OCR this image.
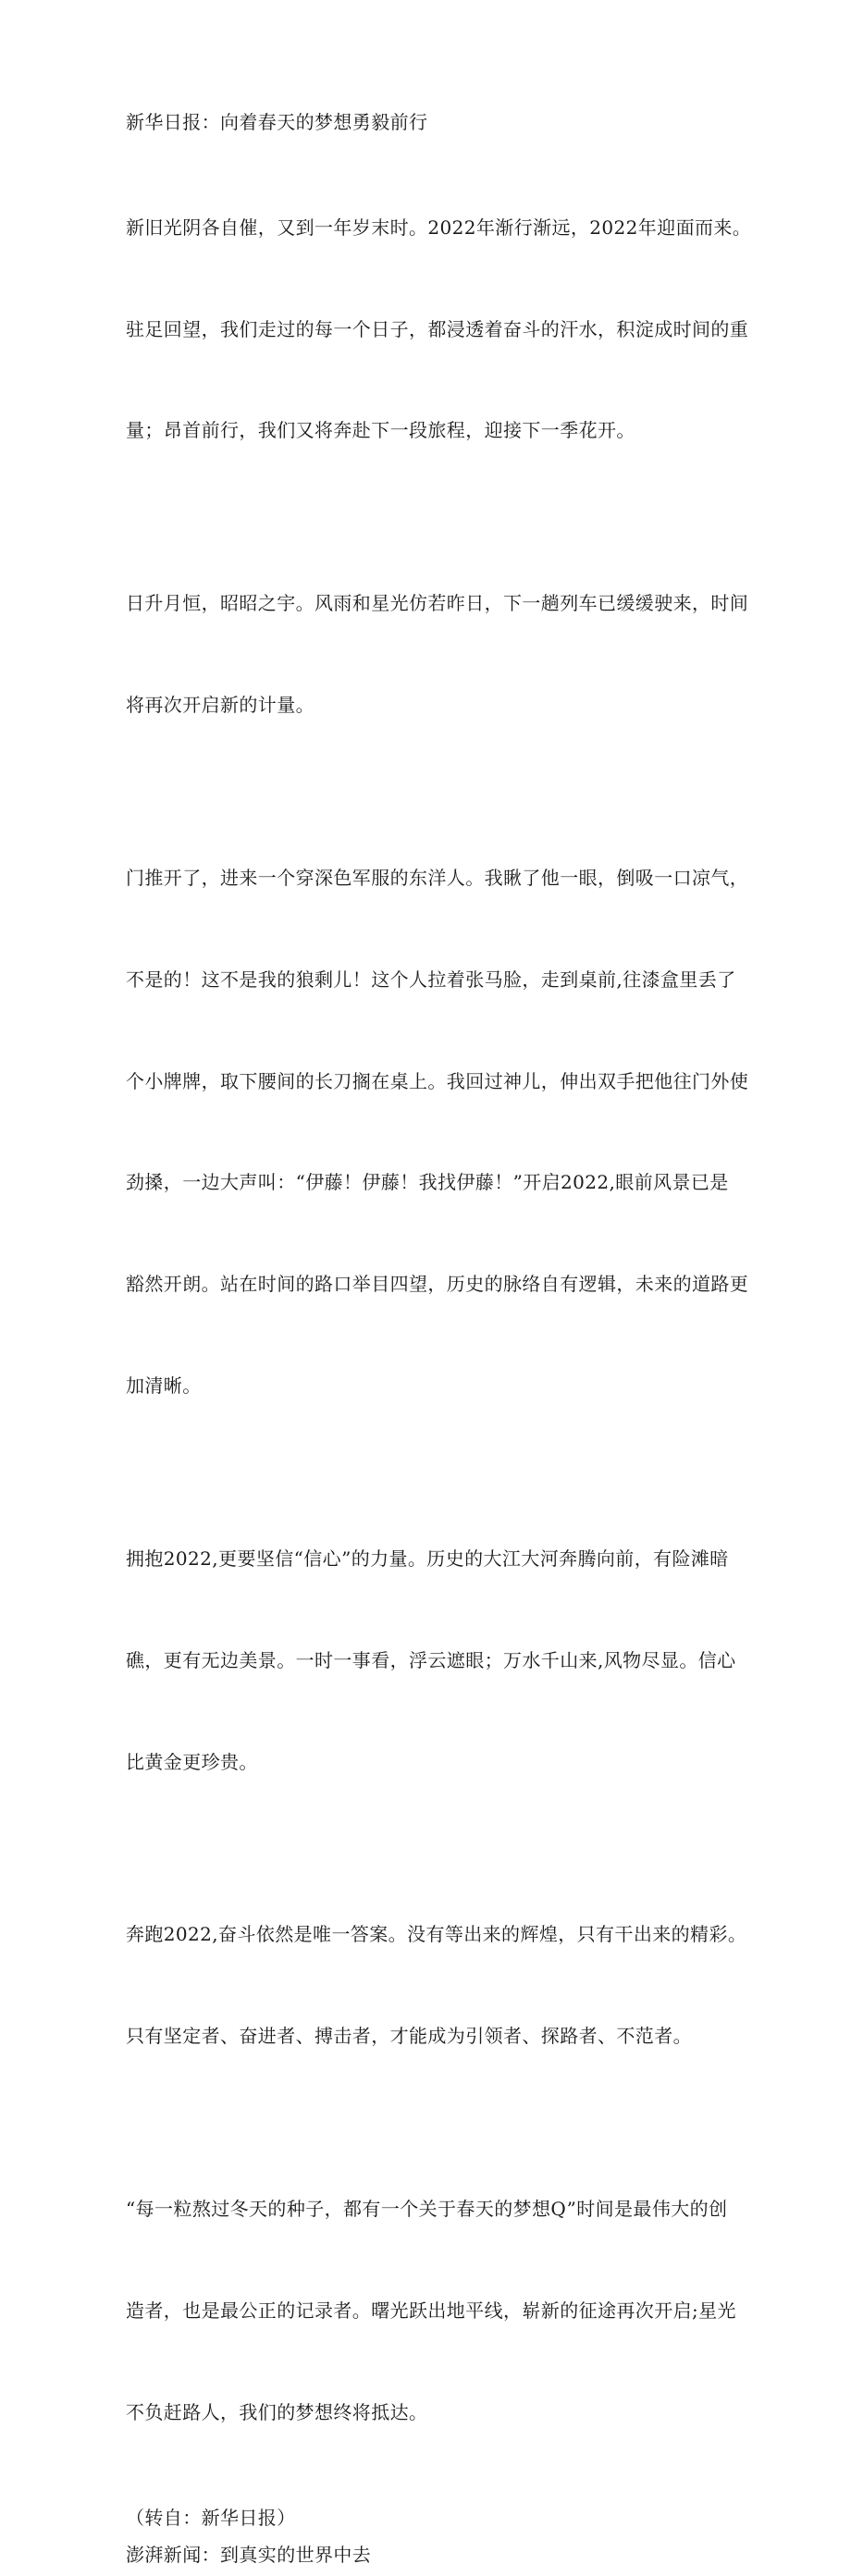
新华日报：向着春天的梦想勇毅前行

新旧光阴各自催，又到一年岁末时。2022年渐行渐远，2022年迎面而来。

驻足回望，我们走过的每一个日子，都浸透着奋斗的汗水，积淀成时间的重

量；昂首前行，我们又将奔赴下一段旅程，迎接下一季花开。

日升月恒，昭昭之宇。风雨和星光仿若昨日，下一趟列车已缓缓驶来，时间

将再次开启新的计量。

门推开了，进来一个穿深色军服的东洋人。我瞅了他一眼，倒吸一口凉气，

不是的！这不是我的狼剩儿！这个人拉着张马脸，走到桌前,往漆盒里丢了

个小牌牌，取下腰间的长刀搁在桌上。我回过神儿，伸出双手把他往门外使

劲搡，一边大声叫：“伊藤！伊藤！我找伊藤！”开启2022,眼前风景已是

豁然开朗。站在时间的路口举目四望，历史的脉络自有逻辑，未来的道路更

加清晰。

拥抱2022,更要坚信“信心”的力量。历史的大江大河奔腾向前，有险滩暗

礁，更有无边美景。一时一事看，浮云遮眼；万水千山来,风物尽显。信心

比黄金更珍贵。

奔跑2022,奋斗依然是唯一答案。没有等出来的辉煌，只有干出来的精彩。

只有坚定者、奋进者、搏击者，才能成为引领者、探路者、不范者。

“每一粒熬过冬天的种子，都有一个关于春天的梦想Q”时间是最伟大的创

造者，也是最公正的记录者。曙光跃出地平线，崭新的征途再次开启;星光

不负赶路人，我们的梦想终将抵达。

（转自：新华日报）
澎湃新闻：到真实的世界中去
